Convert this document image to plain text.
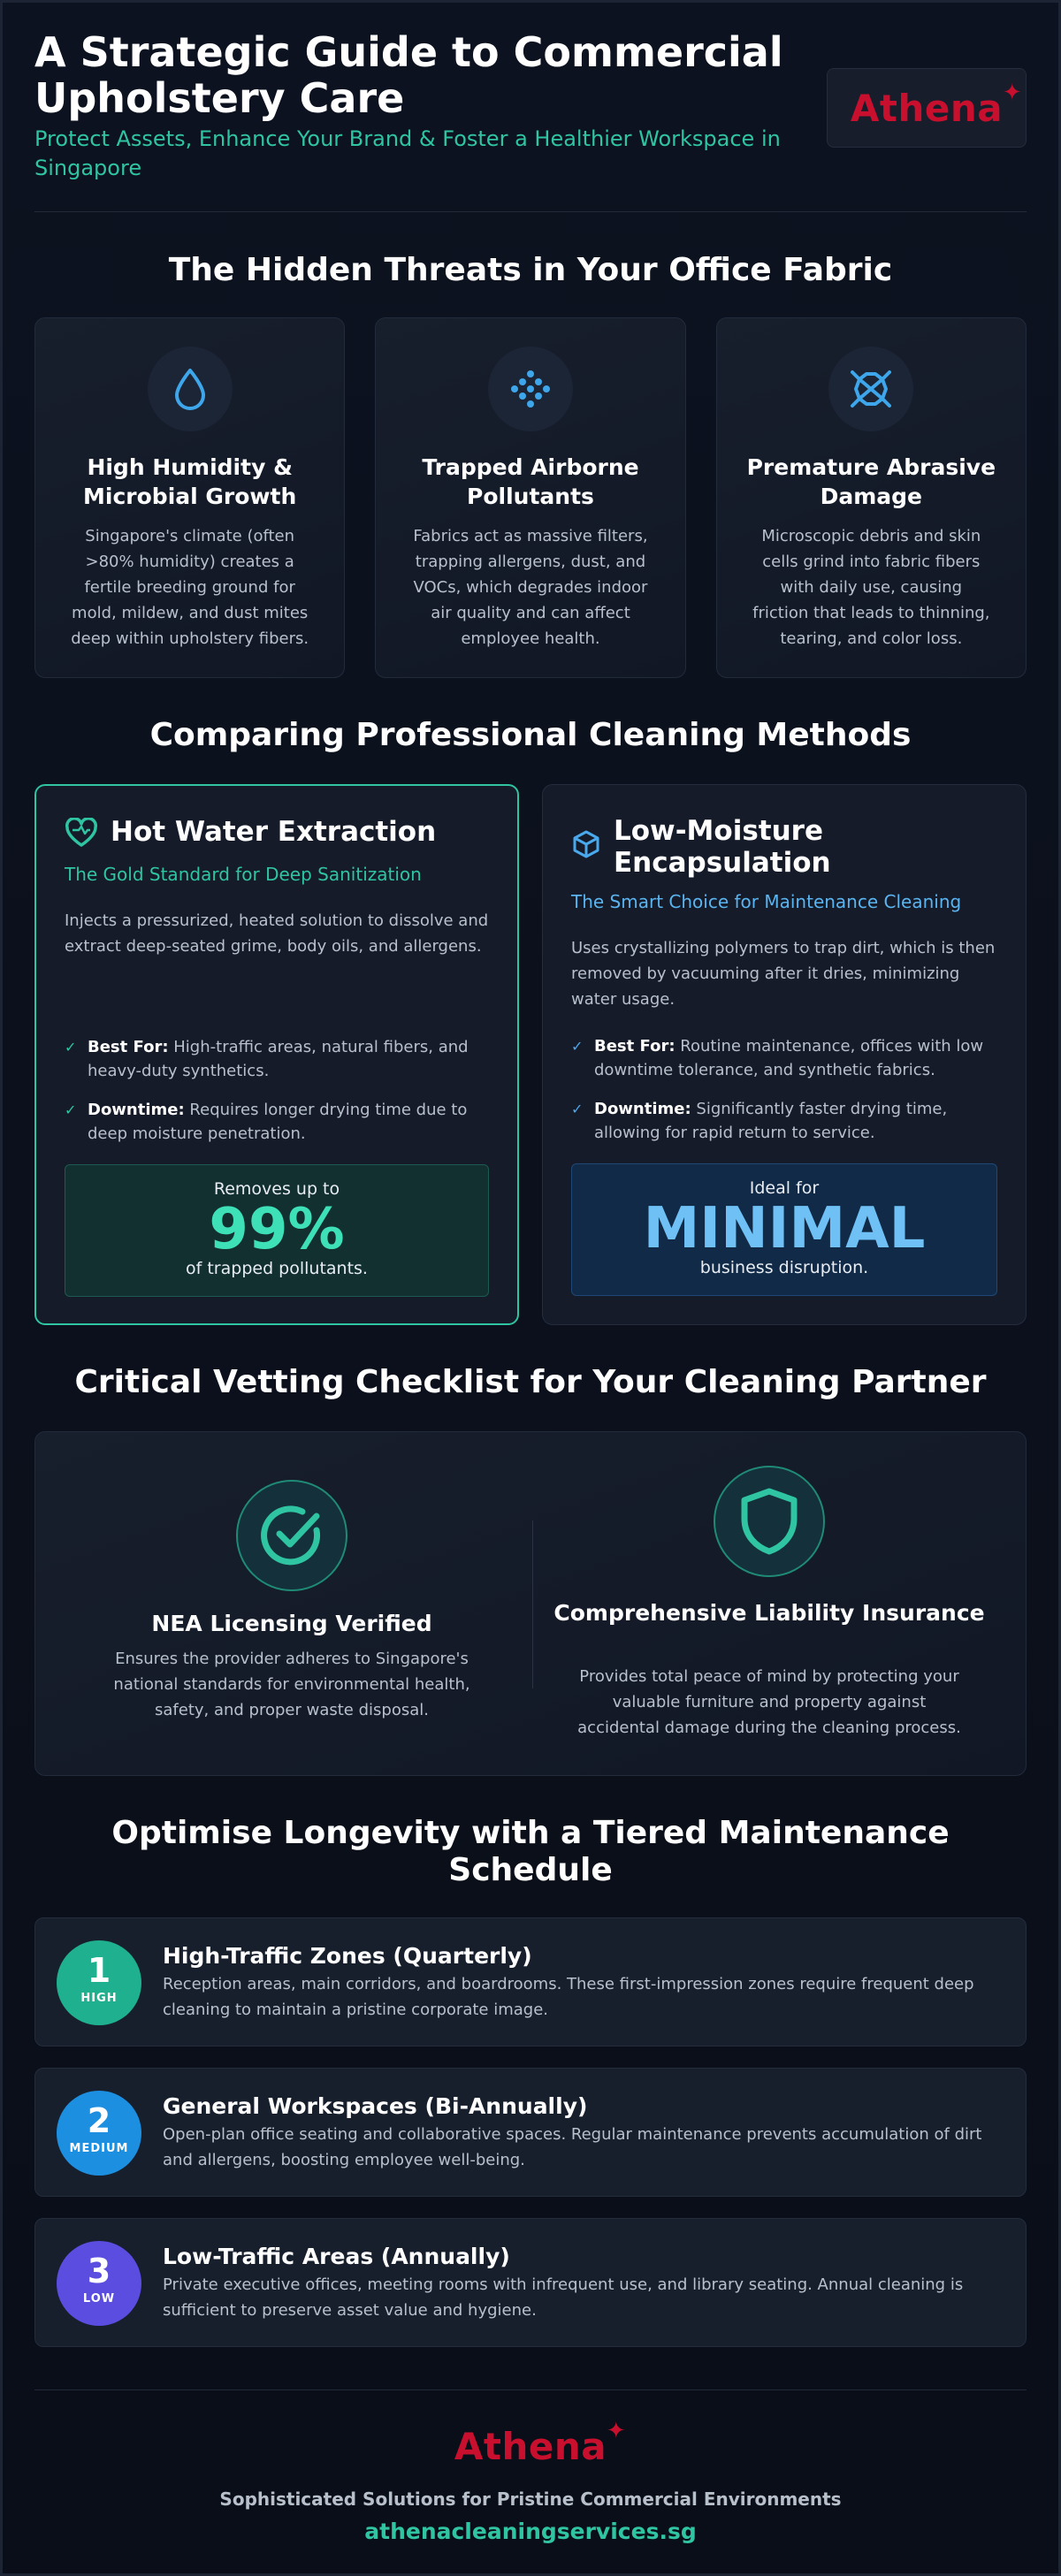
A Strategic Guide to Commercial Upholstery Care
Protect Assets, Enhance Your Brand & Foster a Healthier Workspace in Singapore
Athena ✦
The Hidden Threats in Your Office Fabric
High Humidity & Microbial Growth
Singapore's climate (often >80% humidity) creates a fertile breeding ground for mold, mildew, and dust mites deep within upholstery fibers.
Trapped Airborne Pollutants
Fabrics act as massive filters, trapping allergens, dust, and VOCs, which degrades indoor air quality and can affect employee health.
Premature Abrasive Damage
Microscopic debris and skin cells grind into fabric fibers with daily use, causing friction that leads to thinning, tearing, and color loss.
Comparing Professional Cleaning Methods
Hot Water Extraction
The Gold Standard for Deep Sanitization
Injects a pressurized, heated solution to dissolve and extract deep-seated grime, body oils, and allergens.
✓ Best For: High-traffic areas, natural fibers, and heavy-duty synthetics.
✓ Downtime: Requires longer drying time due to deep moisture penetration.
Removes up to
99%
of trapped pollutants.
Low-Moisture Encapsulation
The Smart Choice for Maintenance Cleaning
Uses crystallizing polymers to trap dirt, which is then removed by vacuuming after it dries, minimizing water usage.
✓ Best For: Routine maintenance, offices with low downtime tolerance, and synthetic fabrics.
✓ Downtime: Significantly faster drying time, allowing for rapid return to service.
Ideal for
MINIMAL
business disruption.
Critical Vetting Checklist for Your Cleaning Partner
NEA Licensing Verified
Ensures the provider adheres to Singapore's national standards for environmental health, safety, and proper waste disposal.
Comprehensive Liability Insurance
Provides total peace of mind by protecting your valuable furniture and property against accidental damage during the cleaning process.
Optimise Longevity with a Tiered Maintenance Schedule
1
HIGH
High-Traffic Zones (Quarterly)
Reception areas, main corridors, and boardrooms. These first-impression zones require frequent deep cleaning to maintain a pristine corporate image.
2
MEDIUM
General Workspaces (Bi-Annually)
Open-plan office seating and collaborative spaces. Regular maintenance prevents accumulation of dirt and allergens, boosting employee well-being.
3
LOW
Low-Traffic Areas (Annually)
Private executive offices, meeting rooms with infrequent use, and library seating. Annual cleaning is sufficient to preserve asset value and hygiene.
Athena ✦
Sophisticated Solutions for Pristine Commercial Environments
athenacleaningservices.sg
